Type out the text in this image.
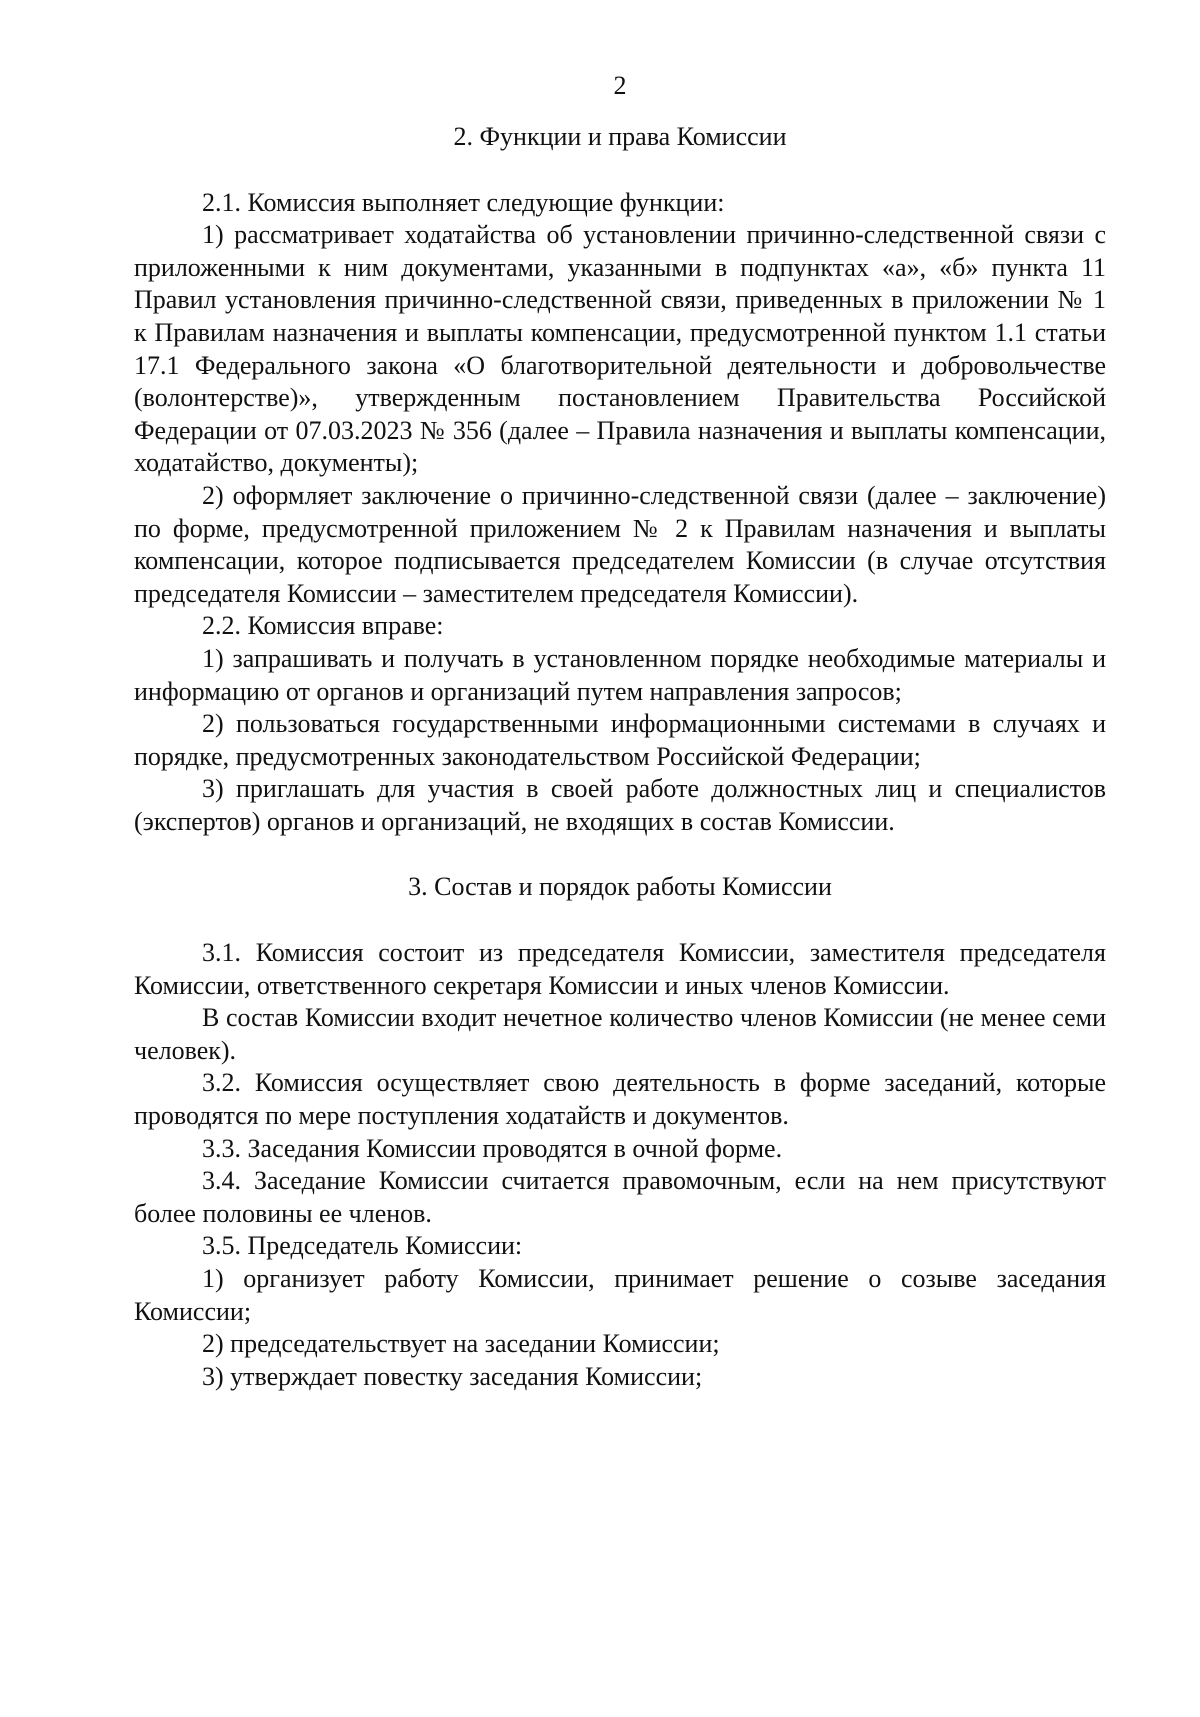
2

2. Функции и права Комиссии

2.1. Комиссия выполняет следующие функции:

1) рассматривает ходатайства об установлении причинно-следственной связи с приложенными к ним документами, указанными в подпунктах «а», «б» пункта 11 Правил установления причинно-следственной связи, приведенных в приложении № 1 к Правилам назначения и выплаты компенсации, предусмотренной пунктом 1.1 статьи 17.1 Федерального закона «О благотворительной деятельности и добровольчестве (волонтерстве)», утвержденным постановлением Правительства Российской Федерации от 07.03.2023 № 356 (далее – Правила назначения и выплаты компенсации, ходатайство, документы);

2) оформляет заключение о причинно-следственной связи (далее – заключение) по форме, предусмотренной приложением № 2 к Правилам назначения и выплаты компенсации, которое подписывается председателем Комиссии (в случае отсутствия председателя Комиссии – заместителем председателя Комиссии).

2.2. Комиссия вправе:

1) запрашивать и получать в установленном порядке необходимые материалы и информацию от органов и организаций путем направления запросов;

2) пользоваться государственными информационными системами в случаях и порядке, предусмотренных законодательством Российской Федерации;

3) приглашать для участия в своей работе должностных лиц и специалистов (экспертов) органов и организаций, не входящих в состав Комиссии.

3. Состав и порядок работы Комиссии

3.1. Комиссия состоит из председателя Комиссии, заместителя председателя Комиссии, ответственного секретаря Комиссии и иных членов Комиссии.

В состав Комиссии входит нечетное количество членов Комиссии (не менее семи человек).

3.2. Комиссия осуществляет свою деятельность в форме заседаний, которые проводятся по мере поступления ходатайств и документов.

3.3. Заседания Комиссии проводятся в очной форме.

3.4. Заседание Комиссии считается правомочным, если на нем присутствуют более половины ее членов.

3.5. Председатель Комиссии:

1) организует работу Комиссии, принимает решение о созыве заседания Комиссии;

2) председательствует на заседании Комиссии;

3) утверждает повестку заседания Комиссии;
